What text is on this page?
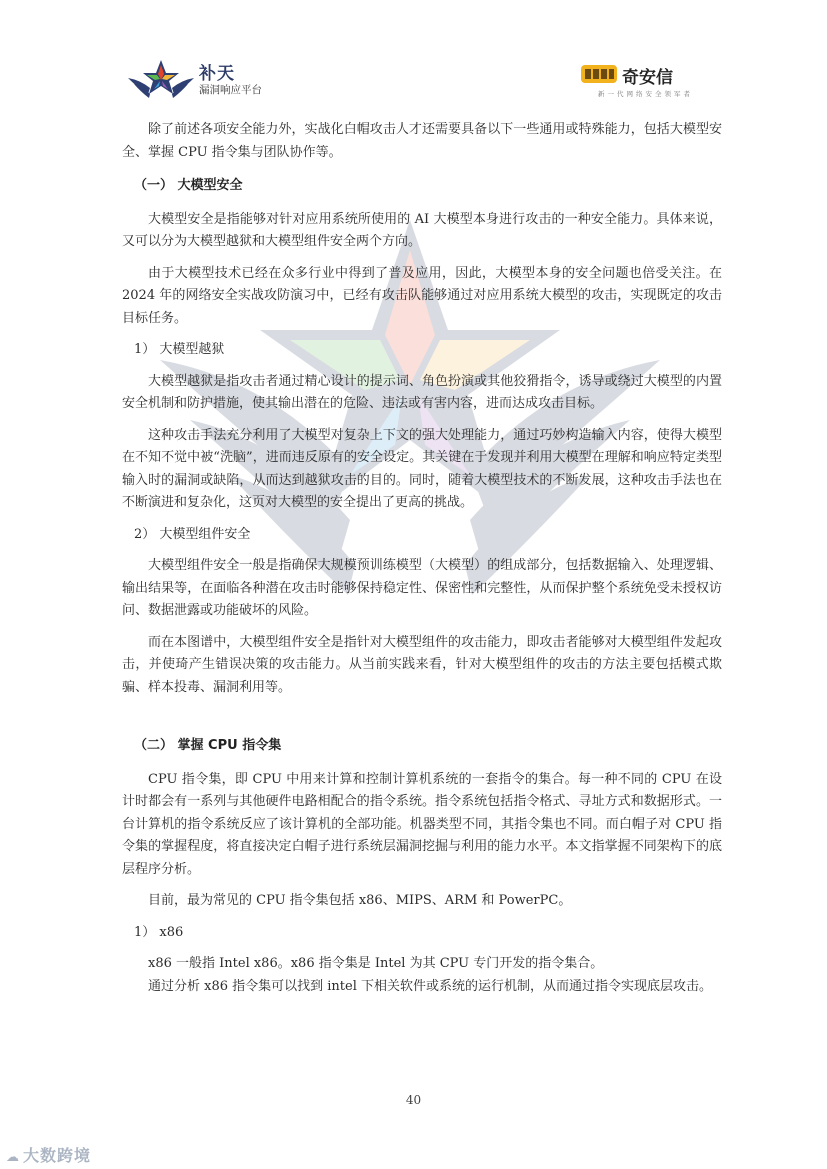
补天
漏洞响应平台
奇安信
新一代网络安全领军者

除了前述各项安全能力外，实战化白帽攻击人才还需要具备以下一些通用或特殊能力，包括大模型安全、掌握 CPU 指令集与团队协作等。

（一） 大模型安全

大模型安全是指能够对针对应用系统所使用的 AI 大模型本身进行攻击的一种安全能力。具体来说，又可以分为大模型越狱和大模型组件安全两个方向。

由于大模型技术已经在众多行业中得到了普及应用，因此，大模型本身的安全问题也倍受关注。在 2024 年的网络安全实战攻防演习中，已经有攻击队能够通过对应用系统大模型的攻击，实现既定的攻击目标任务。

1） 大模型越狱

大模型越狱是指攻击者通过精心设计的提示词、角色扮演或其他狡猾指令，诱导或绕过大模型的内置安全机制和防护措施，使其输出潜在的危险、违法或有害内容，进而达成攻击目标。

这种攻击手法充分利用了大模型对复杂上下文的强大处理能力，通过巧妙构造输入内容，使得大模型在不知不觉中被“洗脑”，进而违反原有的安全设定。其关键在于发现并利用大模型在理解和响应特定类型输入时的漏洞或缺陷，从而达到越狱攻击的目的。同时，随着大模型技术的不断发展，这种攻击手法也在不断演进和复杂化，这页对大模型的安全提出了更高的挑战。

2） 大模型组件安全

大模型组件安全一般是指确保大规模预训练模型（大模型）的组成部分，包括数据输入、处理逻辑、输出结果等，在面临各种潜在攻击时能够保持稳定性、保密性和完整性，从而保护整个系统免受未授权访问、数据泄露或功能破坏的风险。

而在本图谱中，大模型组件安全是指针对大模型组件的攻击能力，即攻击者能够对大模型组件发起攻击，并使琦产生错误决策的攻击能力。从当前实践来看，针对大模型组件的攻击的方法主要包括模式欺骗、样本投毒、漏洞利用等。

（二） 掌握 CPU 指令集

CPU 指令集，即 CPU 中用来计算和控制计算机系统的一套指令的集合。每一种不同的 CPU 在设计时都会有一系列与其他硬件电路相配合的指令系统。指令系统包括指令格式、寻址方式和数据形式。一台计算机的指令系统反应了该计算机的全部功能。机器类型不同，其指令集也不同。而白帽子对 CPU 指令集的掌握程度，将直接决定白帽子进行系统层漏洞挖掘与利用的能力水平。本文指掌握不同架构下的底层程序分析。

目前，最为常见的 CPU 指令集包括 x86、MIPS、ARM 和 PowerPC。

1） x86

x86 一般指 Intel x86。x86 指令集是 Intel 为其 CPU 专门开发的指令集合。

通过分析 x86 指令集可以找到 intel 下相关软件或系统的运行机制，从而通过指令实现底层攻击。

40
☁ 大数跨境
